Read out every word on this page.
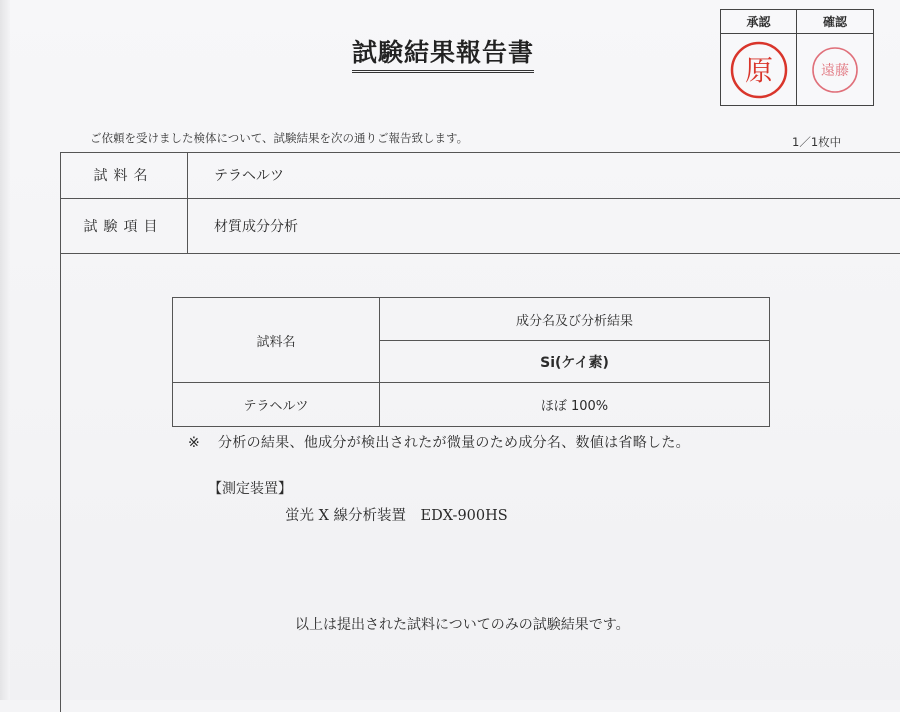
試験結果報告書
承認	確認
原	遠藤
ご依頼を受けました検体について、試験結果を次の通りご報告致します。	1／1枚中
試料名	テラヘルツ
試験項目	材質成分分析
試料名	成分名及び分析結果
	Si(ケイ素)
テラヘルツ	ほぼ 100%
※ 分析の結果、他成分が検出されたが微量のため成分名、数値は省略した。
【測定装置】
蛍光 X 線分析装置　EDX-900HS
以上は提出された試料についてのみの試験結果です。
